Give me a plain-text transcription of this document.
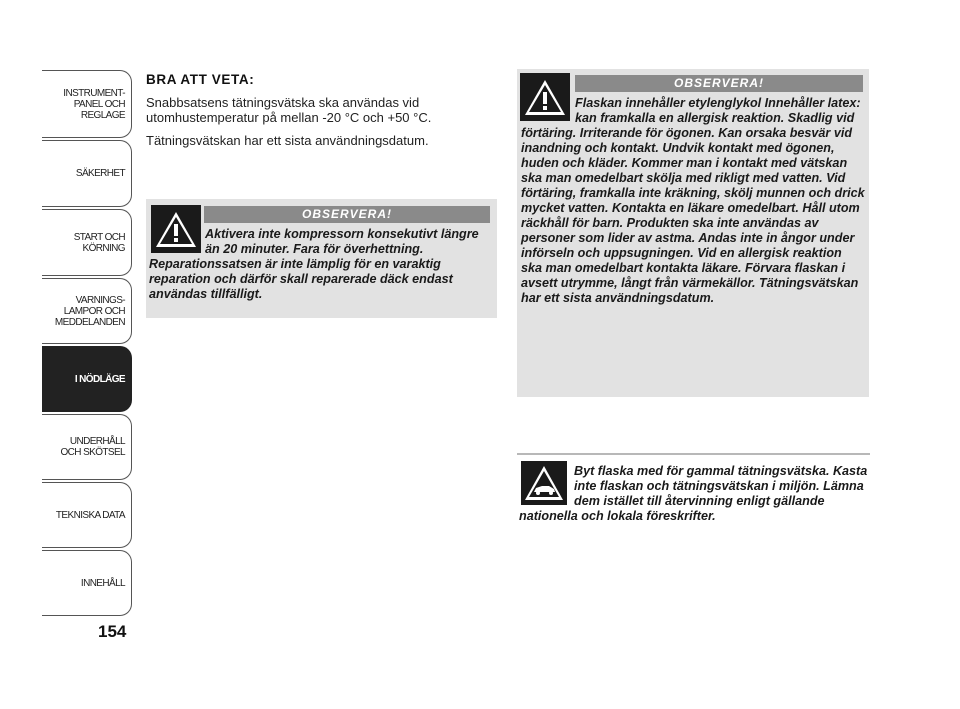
INSTRUMENT-
PANEL OCH
REGLAGE
SÄKERHET
START OCH
KÖRNING
VARNINGS-
LAMPOR OCH
MEDDELANDEN
I NÖDLÄGE
UNDERHÅLL
OCH SKÖTSEL
TEKNISKA DATA
INNEHÅLL
154

BRA ATT VETA:

Snabbsatsens tätningsvätska ska användas vid utomhustemperatur på mellan -20 °C och +50 °C.

Tätningsvätskan har ett sista användningsdatum.

OBSERVERA!

Aktivera inte kompressorn konsekutivt längre än 20 minuter. Fara för överhettning. Reparationssatsen är inte lämplig för en varaktig reparation och därför skall reparerade däck endast användas tillfälligt.

OBSERVERA!

Flaskan innehåller etylenglykol Innehåller latex: kan framkalla en allergisk reaktion. Skadlig vid förtäring. Irriterande för ögonen. Kan orsaka besvär vid inandning och kontakt. Undvik kontakt med ögonen, huden och kläder. Kommer man i kontakt med vätskan ska man omedelbart skölja med rikligt med vatten. Vid förtäring, framkalla inte kräkning, skölj munnen och drick mycket vatten. Kontakta en läkare omedelbart. Håll utom räckhåll för barn. Produkten ska inte användas av personer som lider av astma. Andas inte in ångor under införseln och uppsugningen. Vid en allergisk reaktion ska man omedelbart kontakta läkare. Förvara flaskan i avsett utrymme, långt från värmekällor. Tätningsvätskan har ett sista användningsdatum.

Byt flaska med för gammal tätningsvätska. Kasta inte flaskan och tätningsvätskan i miljön. Lämna dem istället till återvinning enligt gällande nationella och lokala föreskrifter.
